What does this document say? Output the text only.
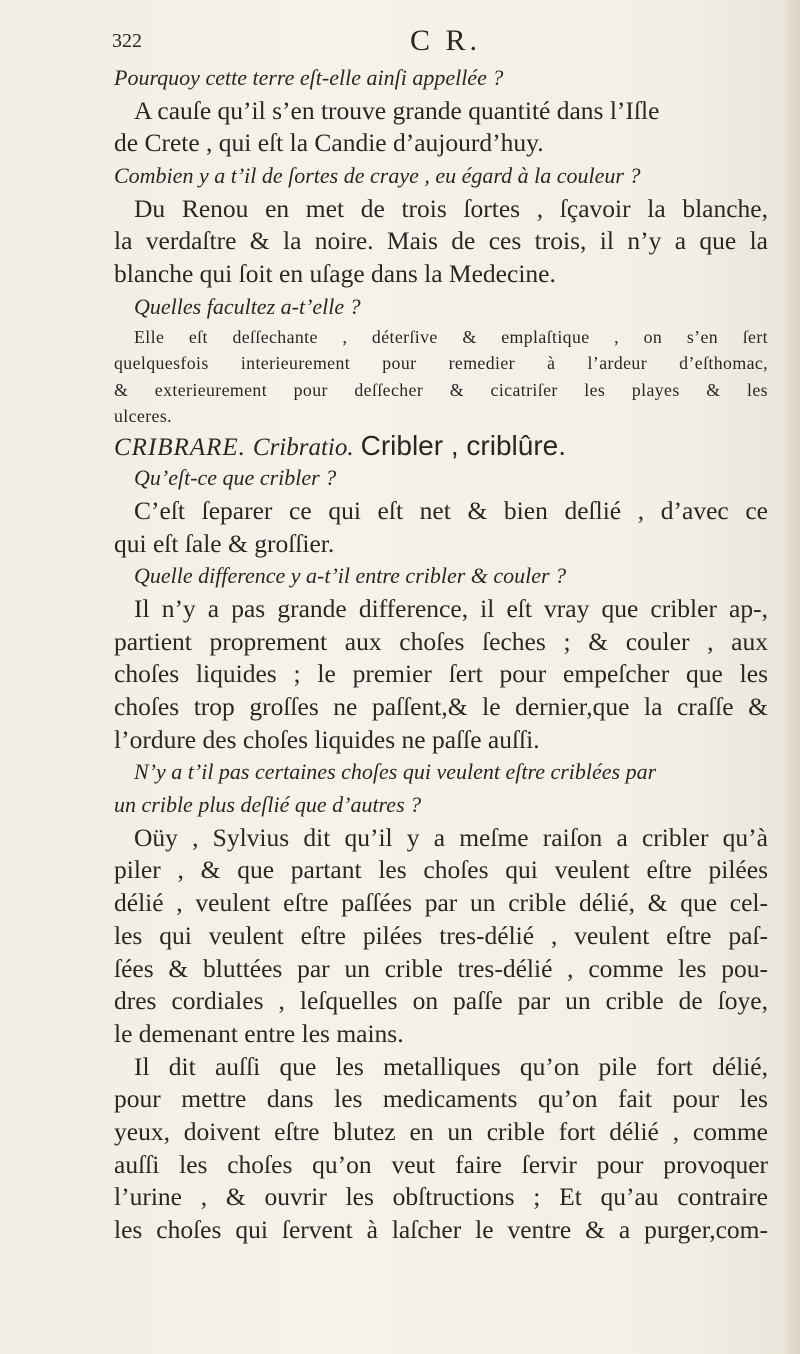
322	C R.
Pourquoy cette terre eſt-elle ainſi appellée ?
A cauſe qu’il s’en trouve grande quantité dans l’Iſle
de Crete , qui eſt la Candie d’aujourd’huy.
Combien y a t’il de ſortes de craye , eu égard à la couleur ?
Du Renou en met de trois ſortes , ſçavoir la blanche,
la verdaſtre & la noire. Mais de ces trois, il n’y a que la
blanche qui ſoit en uſage dans la Medecine.
Quelles facultez a-t’elle ?
Elle eſt deſſechante , déterſive & emplaſtique , on s’en ſert
quelquesfois interieurement pour remedier à l’ardeur d’eſthomac,
& exterieurement pour deſſecher & cicatriſer les playes & les
ulceres.
CRIBRARE. Cribratio. Cribler , criblûre.
Qu’eſt-ce que cribler ?
C’eſt ſeparer ce qui eſt net & bien deſlié , d’avec ce
qui eſt ſale & groſſier.
Quelle difference y a-t’il entre cribler & couler ?
Il n’y a pas grande difference, il eſt vray que cribler ap-,
partient proprement aux choſes ſeches ; & couler , aux
choſes liquides ; le premier ſert pour empeſcher que les
choſes trop groſſes ne paſſent,& le dernier,que la craſſe &
l’ordure des choſes liquides ne paſſe auſſi.
N’y a t’il pas certaines choſes qui veulent eſtre criblées par
un crible plus deſlié que d’autres ?
Oüy , Sylvius dit qu’il y a meſme raiſon a cribler qu’à
piler , & que partant les choſes qui veulent eſtre pilées
délié , veulent eſtre paſſées par un crible délié, & que cel-
les qui veulent eſtre pilées tres-délié , veulent eſtre paſ-
ſées & bluttées par un crible tres-délié , comme les pou-
dres cordiales , leſquelles on paſſe par un crible de ſoye,
le demenant entre les mains.
Il dit auſſi que les metalliques qu’on pile fort délié,
pour mettre dans les medicaments qu’on fait pour les
yeux, doivent eſtre blutez en un crible fort délié , comme
auſſi les choſes qu’on veut faire ſervir pour provoquer
l’urine , & ouvrir les obſtructions ; Et qu’au contraire
les choſes qui ſervent à laſcher le ventre & a purger,com-
